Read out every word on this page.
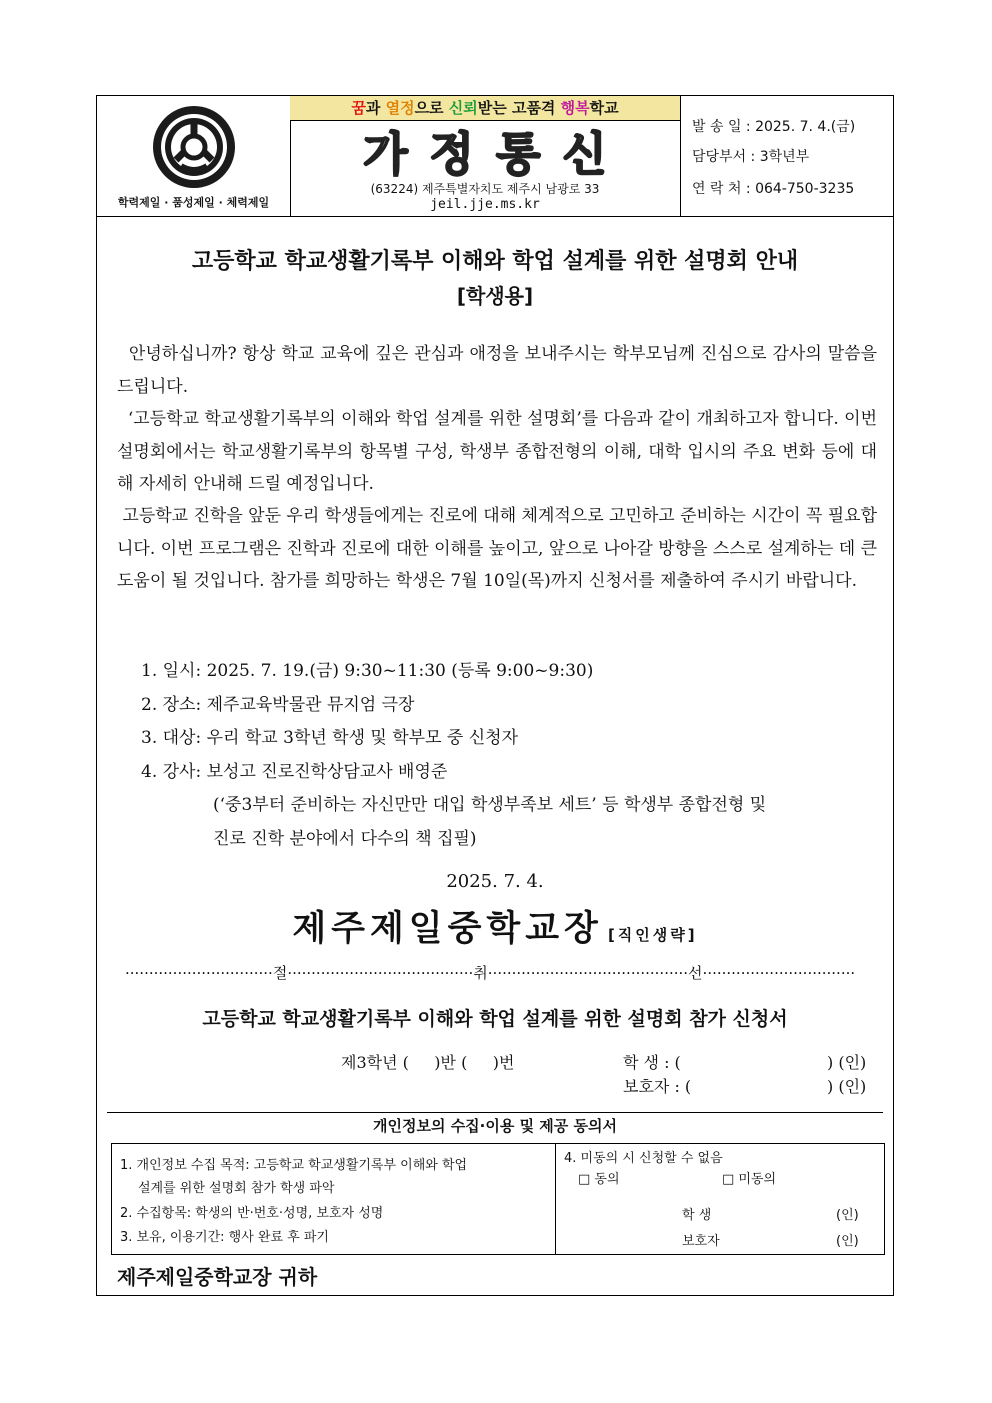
학력제일 · 품성제일 · 체력제일
꿈과 열정으로 신뢰받는 고품격 행복학교
가정통신
(63224) 제주특별자치도 제주시 남광로 33
jeil.jje.ms.kr
발 송 일 : 2025. 7. 4.(금)
담당부서 : 3학년부
연 락 처 : 064-750-3235
고등학교 학교생활기록부 이해와 학업 설계를 위한 설명회 안내
[학생용]
안녕하십니까? 항상 학교 교육에 깊은 관심과 애정을 보내주시는 학부모님께 진심으로 감사의 말씀을 드립니다.
‘고등학교 학교생활기록부의 이해와 학업 설계를 위한 설명회’를 다음과 같이 개최하고자 합니다. 이번 설명회에서는 학교생활기록부의 항목별 구성, 학생부 종합전형의 이해, 대학 입시의 주요 변화 등에 대해 자세히 안내해 드릴 예정입니다.
고등학교 진학을 앞둔 우리 학생들에게는 진로에 대해 체계적으로 고민하고 준비하는 시간이 꼭 필요합니다. 이번 프로그램은 진학과 진로에 대한 이해를 높이고, 앞으로 나아갈 방향을 스스로 설계하는 데 큰 도움이 될 것입니다. 참가를 희망하는 학생은 7월 10일(목)까지 신청서를 제출하여 주시기 바랍니다.
1. 일시: 2025. 7. 19.(금) 9:30~11:30 (등록 9:00~9:30)
2. 장소: 제주교육박물관 뮤지엄 극장
3. 대상: 우리 학교 3학년 학생 및 학부모 중 신청자
4. 강사: 보성고 진로진학상담교사 배영준
(‘중3부터 준비하는 자신만만 대입 학생부족보 세트’ 등 학생부 종합전형 및
진로 진학 분야에서 다수의 책 집필)
2025. 7. 4.
제주제일중학교장 [직인생략]
·······························절·······································취··········································선································
고등학교 학교생활기록부 이해와 학업 설계를 위한 설명회 참가 신청서
제3학년 (     )반 (     )번	학 생 : (	) (인)
보호자 : (	) (인)
개인정보의 수집·이용 및 제공 동의서
1. 개인정보 수집 목적: 고등학교 학교생활기록부 이해와 학업
설계를 위한 설명회 참가 학생 파악
2. 수집항목: 학생의 반·번호·성명, 보호자 성명
3. 보유, 이용기간: 행사 완료 후 파기
4. 미동의 시 신청할 수 없음
□ 동의	□ 미동의
학 생	(인)
보호자	(인)
제주제일중학교장 귀하
